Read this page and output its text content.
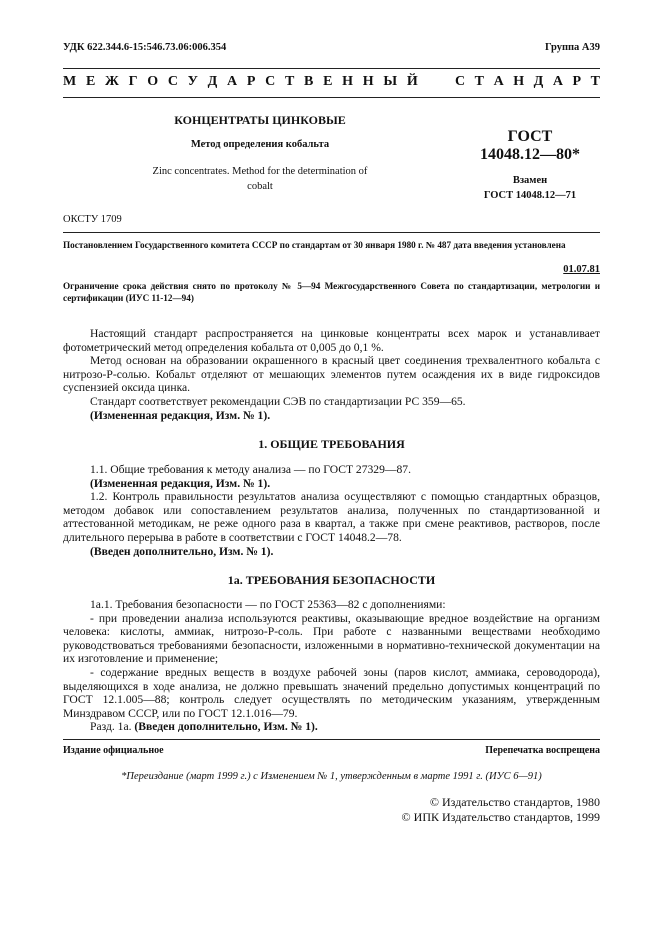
УДК 622.344.6-15:546.73.06:006.354	Группа А39
М Е Ж Г О С У Д А Р С Т В Е Н Н Ы Й	С Т А Н Д А Р Т
КОНЦЕНТРАТЫ ЦИНКОВЫЕ
Метод определения кобальта
Zinc concentrates. Method for the determination of cobalt
ГОСТ
14048.12—80*
Взамен
ГОСТ 14048.12—71
ОКСТУ 1709
Постановлением Государственного комитета СССР по стандартам от 30 января 1980 г. № 487 дата введения установлена
01.07.81
Ограничение срока действия снято по протоколу № 5—94 Межгосударственного Совета по стандартизации, метрологии и сертификации (ИУС 11-12—94)

Настоящий стандарт распространяется на цинковые концентраты всех марок и устанавливает фотометрический метод определения кобальта от 0,005 до 0,1 %.

Метод основан на образовании окрашенного в красный цвет соединения трехвалентного кобальта с нитрозо-Р-солью. Кобальт отделяют от мешающих элементов путем осаждения их в виде гидроксидов суспензией оксида цинка.

Стандарт соответствует рекомендации СЭВ по стандартизации РС 359—65.

(Измененная редакция, Изм. № 1).

1. ОБЩИЕ ТРЕБОВАНИЯ

1.1. Общие требования к методу анализа — по ГОСТ 27329—87.

(Измененная редакция, Изм. № 1).

1.2. Контроль правильности результатов анализа осуществляют с помощью стандартных образцов, методом добавок или сопоставлением результатов анализа, полученных по стандартизованной и аттестованной методикам, не реже одного раза в квартал, а также при смене реактивов, растворов, после длительного перерыва в работе в соответствии с ГОСТ 14048.2—78.

(Введен дополнительно, Изм. № 1).

1а. ТРЕБОВАНИЯ БЕЗОПАСНОСТИ

1а.1. Требования безопасности — по ГОСТ 25363—82 с дополнениями:

- при проведении анализа используются реактивы, оказывающие вредное воздействие на организм человека: кислоты, аммиак, нитрозо-Р-соль. При работе с названными веществами необходимо руководствоваться требованиями безопасности, изложенными в нормативно-технической документации на их изготовление и применение;

- содержание вредных веществ в воздухе рабочей зоны (паров кислот, аммиака, сероводорода), выделяющихся в ходе анализа, не должно превышать значений предельно допустимых концентраций по ГОСТ 12.1.005—88; контроль следует осуществлять по методическим указаниям, утвержденным Минздравом СССР, или по ГОСТ 12.1.016—79.

Разд. 1а. (Введен дополнительно, Изм. № 1).

Издание официальное	Перепечатка воспрещена
*Переиздание (март 1999 г.) с Изменением № 1, утвержденным в марте 1991 г. (ИУС 6—91)
© Издательство стандартов, 1980
© ИПК Издательство стандартов, 1999
